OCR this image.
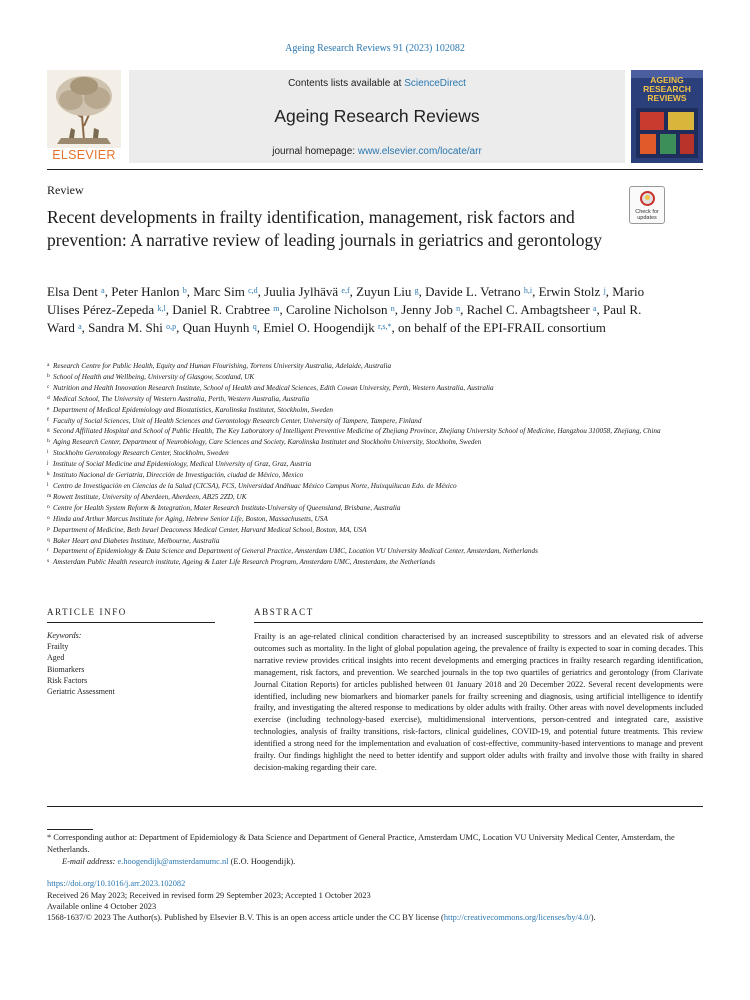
Ageing Research Reviews 91 (2023) 102082
ELSEVIER
Contents lists available at ScienceDirect
Ageing Research Reviews
journal homepage: www.elsevier.com/locate/arr
AGEING
RESEARCH
REVIEWS
Review
Recent developments in frailty identification, management, risk factors and prevention: A narrative review of leading journals in geriatrics and gerontology
Check for
updates
Elsa Dent $^a$, Peter Hanlon $^b$, Marc Sim $^{c,d}$, Juulia Jylhävä $^{e,f}$, Zuyun Liu $^g$, Davide L. Vetrano $^{h,i}$, Erwin Stolz $^j$, Mario Ulises Pérez-Zepeda $^{k,l}$, Daniel R. Crabtree $^m$, Caroline Nicholson $^n$, Jenny Job $^n$, Rachel C. Ambagtsheer $^a$, Paul R. Ward $^a$, Sandra M. Shi $^{o,p}$, Quan Huynh $^q$, Emiel O. Hoogendijk $^{r,s,*}$, on behalf of the EPI-FRAIL consortium
a Research Centre for Public Health, Equity and Human Flourishing, Torrens University Australia, Adelaide, Australia
b School of Health and Wellbeing, University of Glasgow, Scotland, UK
c Nutrition and Health Innovation Research Institute, School of Health and Medical Sciences, Edith Cowan University, Perth, Western Australia, Australia
d Medical School, The University of Western Australia, Perth, Western Australia, Australia
e Department of Medical Epidemiology and Biostatistics, Karolinska Institutet, Stockholm, Sweden
f Faculty of Social Sciences, Unit of Health Sciences and Gerontology Research Center, University of Tampere, Tampere, Finland
g Second Affiliated Hospital and School of Public Health, The Key Laboratory of Intelligent Preventive Medicine of Zhejiang Province, Zhejiang University School of Medicine, Hangzhou 310058, Zhejiang, China
h Aging Research Center, Department of Neurobiology, Care Sciences and Society, Karolinska Institutet and Stockholm University, Stockholm, Sweden
i Stockholm Gerontology Research Center, Stockholm, Sweden
j Institute of Social Medicine and Epidemiology, Medical University of Graz, Graz, Austria
k Instituto Nacional de Geriatría, Dirección de Investigación, ciudad de México, Mexico
l Centro de Investigación en Ciencias de la Salud (CICSA), FCS, Universidad Anáhuac México Campus Norte, Huixquilucan Edo. de México
m Rowett Institute, University of Aberdeen, Aberdeen, AB25 2ZD, UK
n Centre for Health System Reform & Integration, Mater Research Institute-University of Queensland, Brisbane, Australia
o Hinda and Arthur Marcus Institute for Aging, Hebrew Senior Life, Boston, Massachusetts, USA
p Department of Medicine, Beth Israel Deaconess Medical Center, Harvard Medical School, Boston, MA, USA
q Baker Heart and Diabetes Institute, Melbourne, Australia
r Department of Epidemiology & Data Science and Department of General Practice, Amsterdam UMC, Location VU University Medical Center, Amsterdam, Netherlands
s Amsterdam Public Health research institute, Ageing & Later Life Research Program, Amsterdam UMC, Amsterdam, the Netherlands
ARTICLE INFO
Keywords:
Frailty
Aged
Biomarkers
Risk Factors
Geriatric Assessment
ABSTRACT
Frailty is an age-related clinical condition characterised by an increased susceptibility to stressors and an elevated risk of adverse outcomes such as mortality. In the light of global population ageing, the prevalence of frailty is expected to soar in coming decades. This narrative review provides critical insights into recent developments and emerging practices in frailty research regarding identification, management, risk factors, and prevention. We searched journals in the top two quartiles of geriatrics and gerontology (from Clarivate Journal Citation Reports) for articles published between 01 January 2018 and 20 December 2022. Several recent developments were identified, including new biomarkers and biomarker panels for frailty screening and diagnosis, using artificial intelligence to identify frailty, and investigating the altered response to medications by older adults with frailty. Other areas with novel developments included exercise (including technology-based exercise), multidimensional interventions, person-centred and integrated care, assistive technologies, analysis of frailty transitions, risk-factors, clinical guidelines, COVID-19, and potential future treatments. This review identified a strong need for the implementation and evaluation of cost-effective, community-based interventions to manage and prevent frailty. Our findings highlight the need to better identify and support older adults with frailty and involve those with frailty in shared decision-making regarding their care.
* Corresponding author at: Department of Epidemiology & Data Science and Department of General Practice, Amsterdam UMC, Location VU University Medical Center, Amsterdam, the Netherlands.
E-mail address: e.hoogendijk@amsterdamumc.nl (E.O. Hoogendijk).
https://doi.org/10.1016/j.arr.2023.102082
Received 26 May 2023; Received in revised form 29 September 2023; Accepted 1 October 2023
Available online 4 October 2023
1568-1637/© 2023 The Author(s). Published by Elsevier B.V. This is an open access article under the CC BY license (http://creativecommons.org/licenses/by/4.0/).
